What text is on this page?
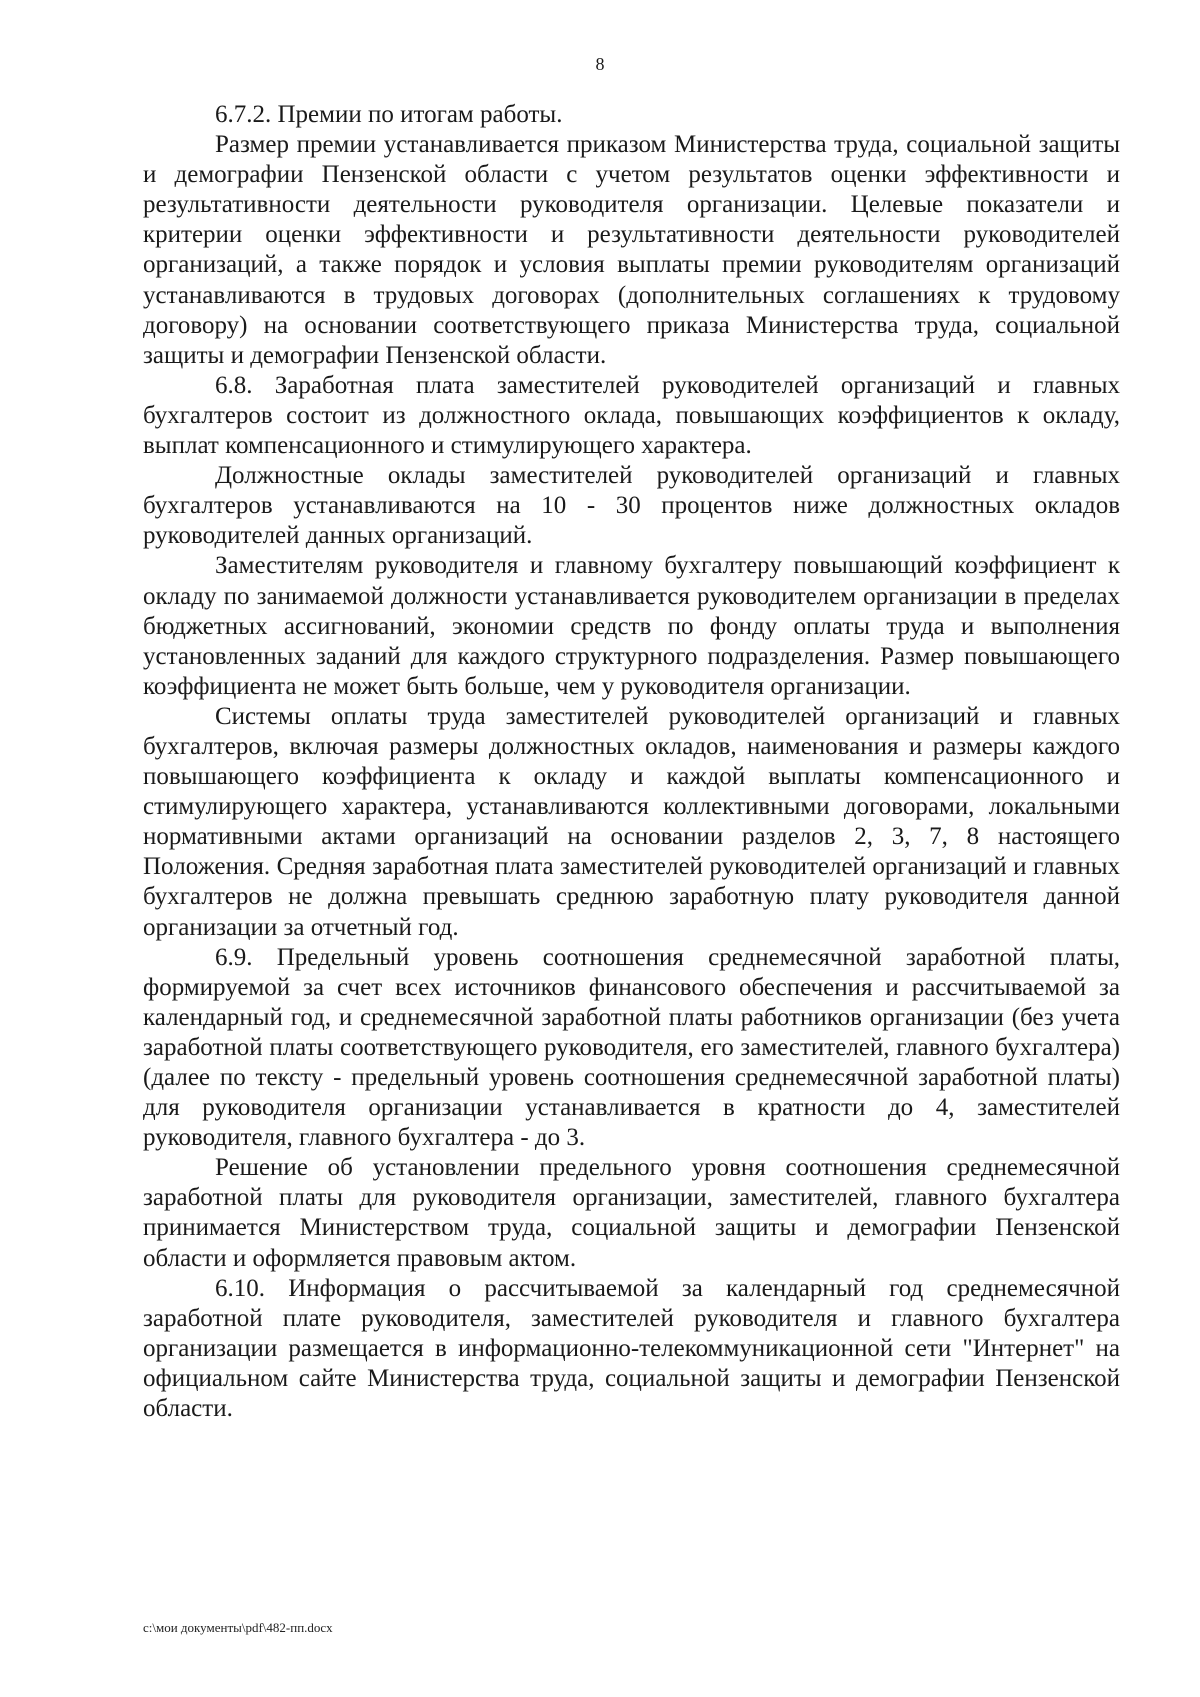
8

6.7.2. Премии по итогам работы.

Размер премии устанавливается приказом Министерства труда, социальной защиты и демографии Пензенской области с учетом результатов оценки эффективности и результативности деятельности руководителя организации. Целевые показатели и критерии оценки эффективности и результативности деятельности руководителей организаций, а также порядок и условия выплаты премии руководителям организаций устанавливаются в трудовых договорах (дополнительных соглашениях к трудовому договору) на основании соответствующего приказа Министерства труда, социальной защиты и демографии Пензенской области.

6.8. Заработная плата заместителей руководителей организаций и главных бухгалтеров состоит из должностного оклада, повышающих коэффициентов к окладу, выплат компенсационного и стимулирующего характера.

Должностные оклады заместителей руководителей организаций и главных бухгалтеров устанавливаются на 10 - 30 процентов ниже должностных окладов руководителей данных организаций.

Заместителям руководителя и главному бухгалтеру повышающий коэффициент к окладу по занимаемой должности устанавливается руководителем организации в пределах бюджетных ассигнований, экономии средств по фонду оплаты труда и выполнения установленных заданий для каждого структурного подразделения. Размер повышающего коэффициента не может быть больше, чем у руководителя организации.

Системы оплаты труда заместителей руководителей организаций и главных бухгалтеров, включая размеры должностных окладов, наименования и размеры каждого повышающего коэффициента к окладу и каждой выплаты компенсационного и стимулирующего характера, устанавливаются коллективными договорами, локальными нормативными актами организаций на основании разделов 2, 3, 7, 8 настоящего Положения. Средняя заработная плата заместителей руководителей организаций и главных бухгалтеров не должна превышать среднюю заработную плату руководителя данной организации за отчетный год.

6.9. Предельный уровень соотношения среднемесячной заработной платы, формируемой за счет всех источников финансового обеспечения и рассчитываемой за календарный год, и среднемесячной заработной платы работников организации (без учета заработной платы соответствующего руководителя, его заместителей, главного бухгалтера) (далее по тексту - предельный уровень соотношения среднемесячной заработной платы) для руководителя организации устанавливается в кратности до 4, заместителей руководителя, главного бухгалтера - до 3.

Решение об установлении предельного уровня соотношения среднемесячной заработной платы для руководителя организации, заместителей, главного бухгалтера принимается Министерством труда, социальной защиты и демографии Пензенской области и оформляется правовым актом.

6.10. Информация о рассчитываемой за календарный год среднемесячной заработной плате руководителя, заместителей руководителя и главного бухгалтера организации размещается в информационно-телекоммуникационной сети "Интернет" на официальном сайте Министерства труда, социальной защиты и демографии Пензенской области.

c:\мои документы\pdf\482-пп.docx
